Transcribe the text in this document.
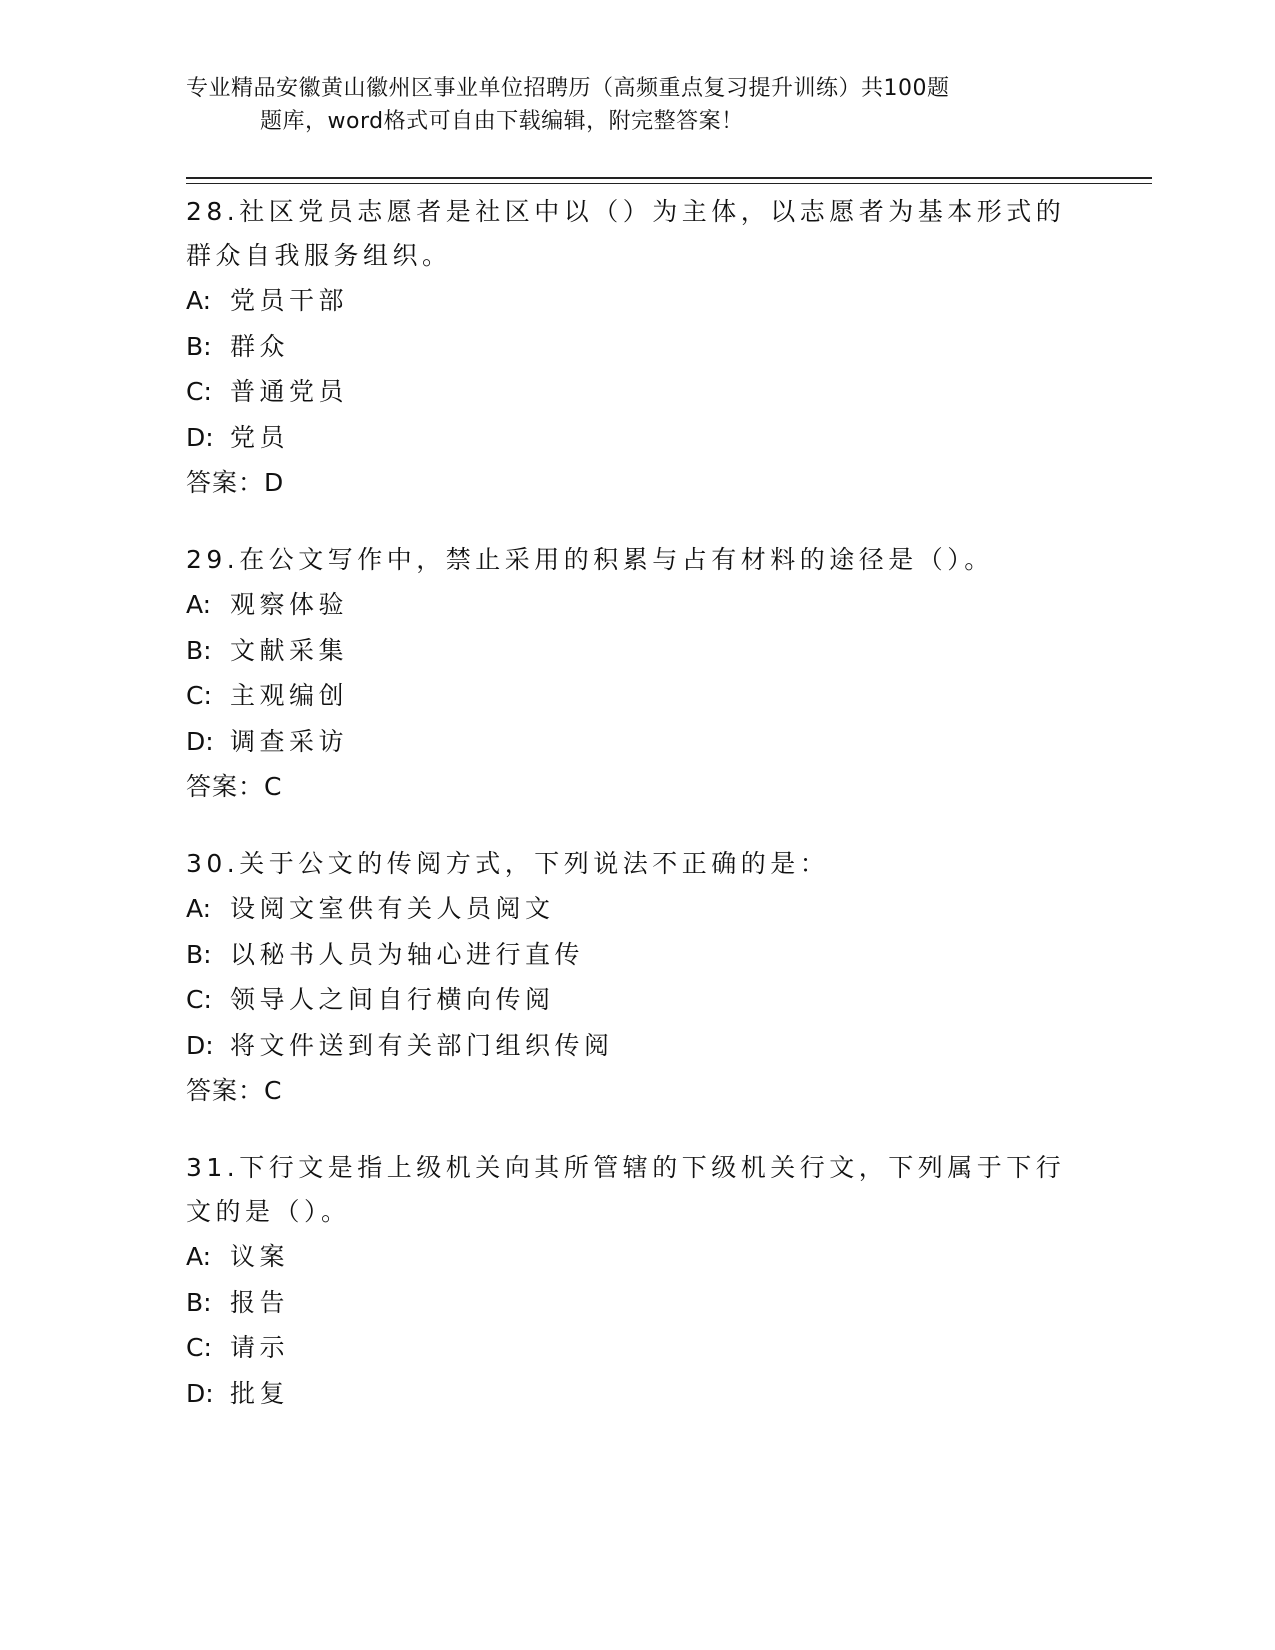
专业精品安徽黄山徽州区事业单位招聘历（高频重点复习提升训练）共100题
题库，word格式可自由下载编辑，附完整答案！

28.社区党员志愿者是社区中以（）为主体，以志愿者为基本形式的群众自我服务组织。

A: 党员干部

B: 群众

C: 普通党员

D: 党员

答案：D

29.在公文写作中，禁止采用的积累与占有材料的途径是（）。

A: 观察体验

B: 文献采集

C: 主观编创

D: 调查采访

答案：C

30.关于公文的传阅方式，下列说法不正确的是：

A: 设阅文室供有关人员阅文

B: 以秘书人员为轴心进行直传

C: 领导人之间自行横向传阅

D: 将文件送到有关部门组织传阅

答案：C

31.下行文是指上级机关向其所管辖的下级机关行文，下列属于下行文的是（）。

A: 议案

B: 报告

C: 请示

D: 批复
